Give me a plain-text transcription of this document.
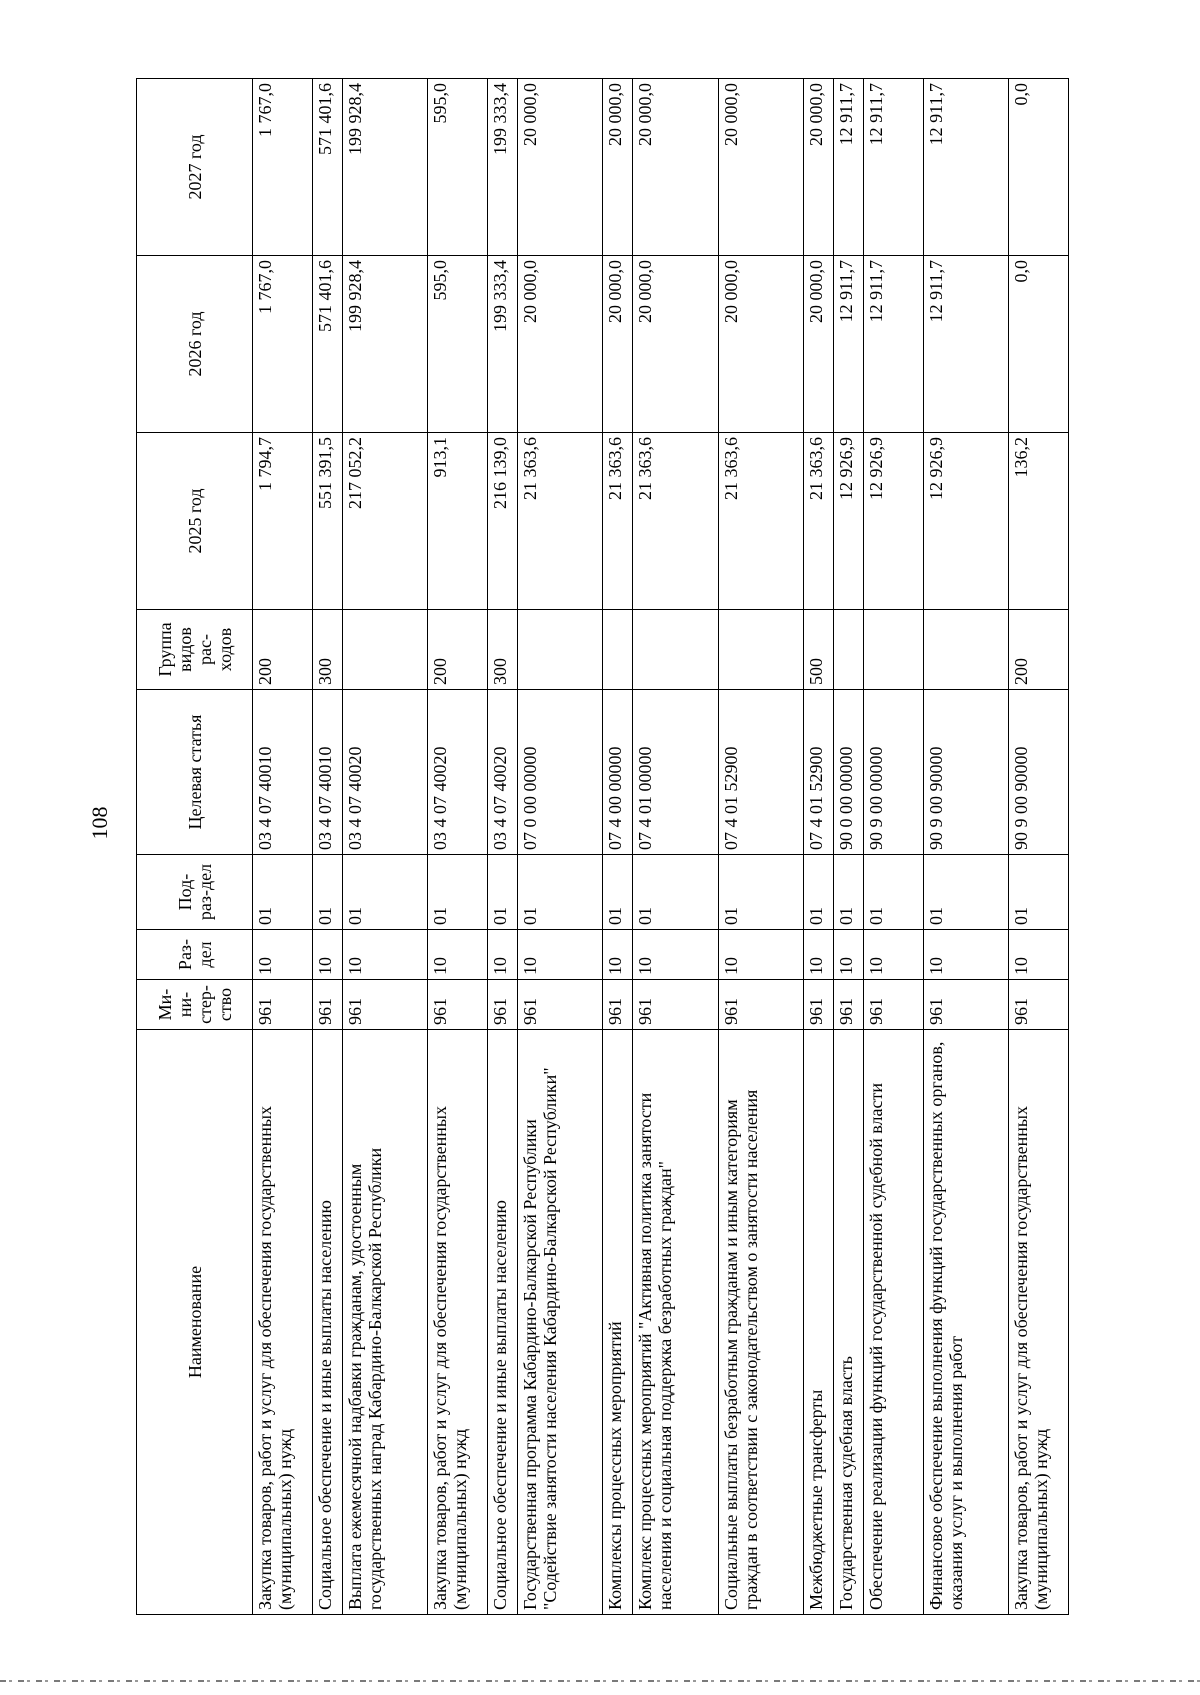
108
Наименование	Ми-ни-стер-ство	Раз-дел	Под-раз-дел	Целевая статья	Группа видов рас-ходов	2025 год	2026 год	2027 год
Закупка товаров, работ и услуг для обеспечения государственных (муниципальных) нужд	961	10	01	03 4 07 40010	200	1 794,7	1 767,0	1 767,0
Социальное обеспечение и иные выплаты населению	961	10	01	03 4 07 40010	300	551 391,5	571 401,6	571 401,6
Выплата ежемесячной надбавки гражданам, удостоенным государственных наград Кабардино-Балкарской Республики	961	10	01	03 4 07 40020		217 052,2	199 928,4	199 928,4
Закупка товаров, работ и услуг для обеспечения государственных (муниципальных) нужд	961	10	01	03 4 07 40020	200	913,1	595,0	595,0
Социальное обеспечение и иные выплаты населению	961	10	01	03 4 07 40020	300	216 139,0	199 333,4	199 333,4
Государственная программа Кабардино-Балкарской Республики "Содействие занятости населения Кабардино-Балкарской Республики"	961	10	01	07 0 00 00000		21 363,6	20 000,0	20 000,0
Комплексы процессных мероприятий	961	10	01	07 4 00 00000		21 363,6	20 000,0	20 000,0
Комплекс процессных мероприятий "Активная политика занятости населения и социальная поддержка безработных граждан"	961	10	01	07 4 01 00000		21 363,6	20 000,0	20 000,0
Социальные выплаты безработным гражданам и иным категориям граждан в соответствии с законодательством о занятости населения	961	10	01	07 4 01 52900		21 363,6	20 000,0	20 000,0
Межбюджетные трансферты	961	10	01	07 4 01 52900	500	21 363,6	20 000,0	20 000,0
Государственная судебная власть	961	10	01	90 0 00 00000		12 926,9	12 911,7	12 911,7
Обеспечение реализации функций государственной судебной власти	961	10	01	90 9 00 00000		12 926,9	12 911,7	12 911,7
Финансовое обеспечение выполнения функций государственных органов, оказания услуг и выполнения работ	961	10	01	90 9 00 90000		12 926,9	12 911,7	12 911,7
Закупка товаров, работ и услуг для обеспечения государственных (муниципальных) нужд	961	10	01	90 9 00 90000	200	136,2	0,0	0,0
